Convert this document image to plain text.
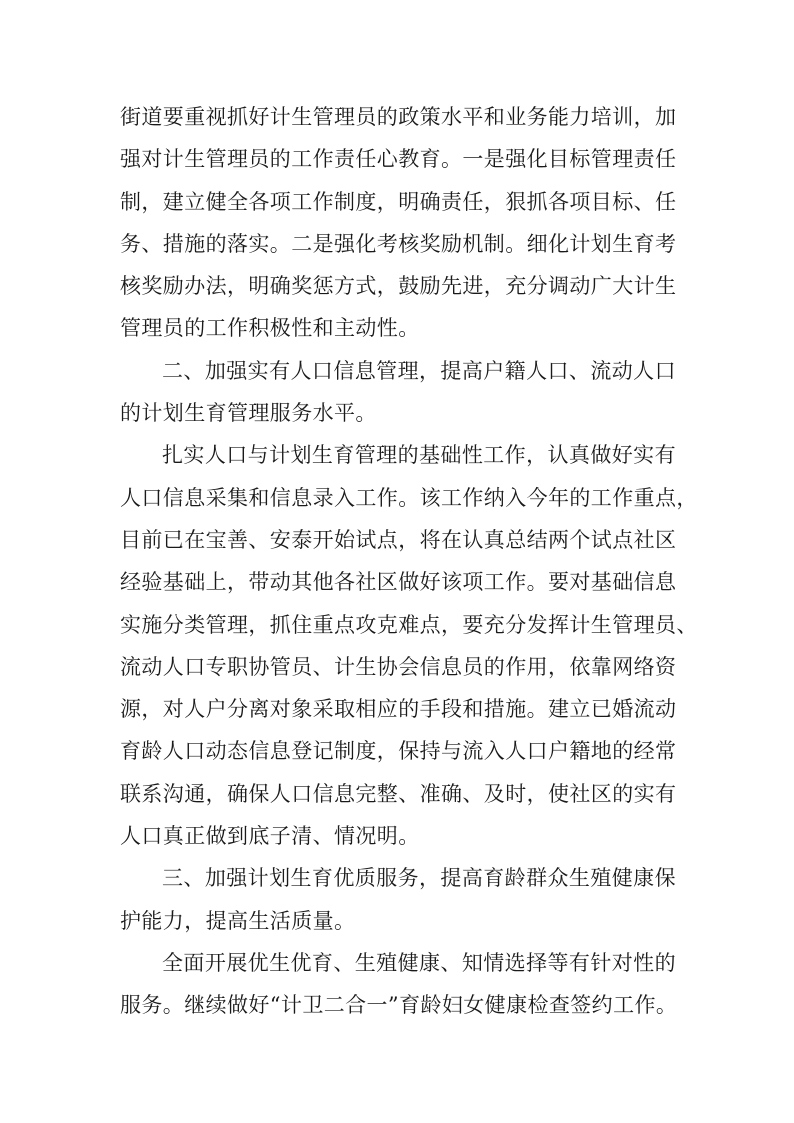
街道要重视抓好计生管理员的政策水平和业务能力培训，加
强对计生管理员的工作责任心教育。一是强化目标管理责任
制，建立健全各项工作制度，明确责任，狠抓各项目标、任
务、措施的落实。二是强化考核奖励机制。细化计划生育考
核奖励办法，明确奖惩方式，鼓励先进，充分调动广大计生
管理员的工作积极性和主动性。
二、加强实有人口信息管理，提高户籍人口、流动人口
的计划生育管理服务水平。
扎实人口与计划生育管理的基础性工作，认真做好实有
人口信息采集和信息录入工作。该工作纳入今年的工作重点，
目前已在宝善、安泰开始试点，将在认真总结两个试点社区
经验基础上，带动其他各社区做好该项工作。要对基础信息
实施分类管理，抓住重点攻克难点，要充分发挥计生管理员、
流动人口专职协管员、计生协会信息员的作用，依靠网络资
源，对人户分离对象采取相应的手段和措施。建立已婚流动
育龄人口动态信息登记制度，保持与流入人口户籍地的经常
联系沟通，确保人口信息完整、准确、及时，使社区的实有
人口真正做到底子清、情况明。
三、加强计划生育优质服务，提高育龄群众生殖健康保
护能力，提高生活质量。
全面开展优生优育、生殖健康、知情选择等有针对性的
服务。继续做好“计卫二合一”育龄妇女健康检查签约工作。
